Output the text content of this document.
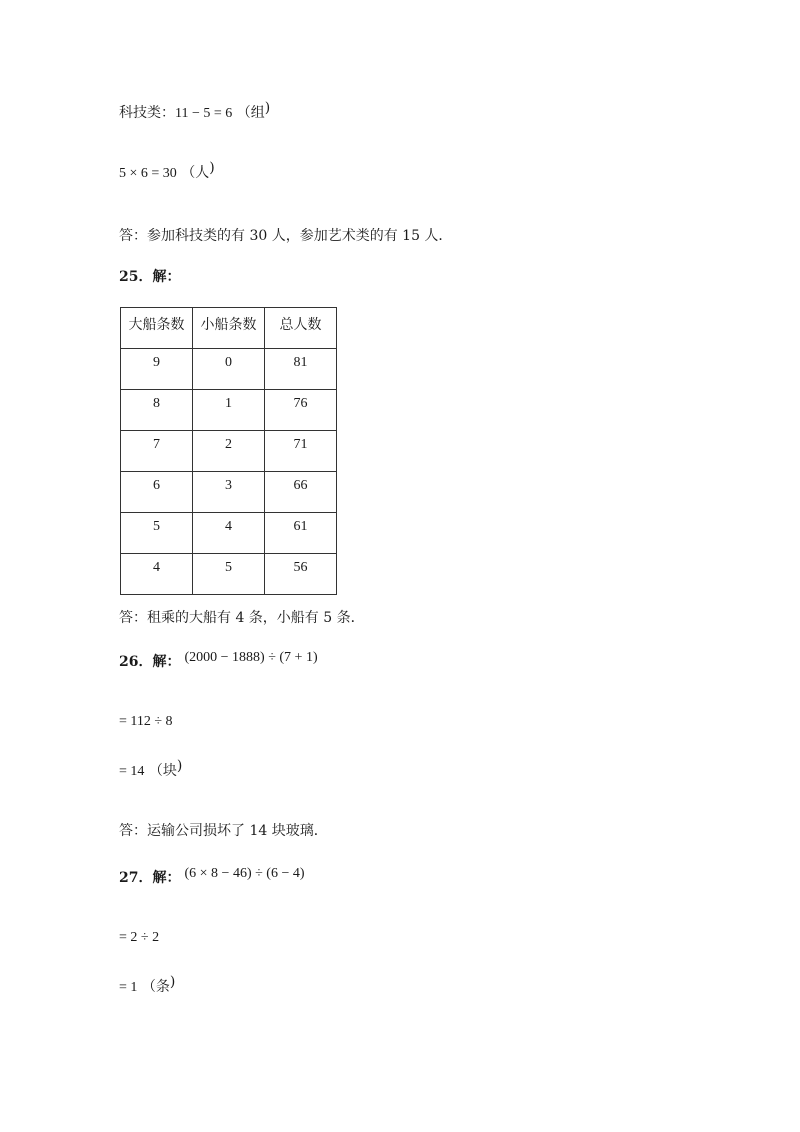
科技类：11 − 5 = 6 （组)
5 × 6 = 30 （人)
答：参加科技类的有 30 人，参加艺术类的有 15 人．
25．解：
大船条数	小船条数	总人数
9	0	81
8	1	76
7	2	71
6	3	66
5	4	61
4	5	56
答：租乘的大船有 4 条，小船有 5 条．
26．解： (2000 − 1888) ÷ (7 + 1)
= 112 ÷ 8
= 14 （块)
答：运输公司损坏了 14 块玻璃．
27．解： (6 × 8 − 46) ÷ (6 − 4)
= 2 ÷ 2
= 1 （条)
